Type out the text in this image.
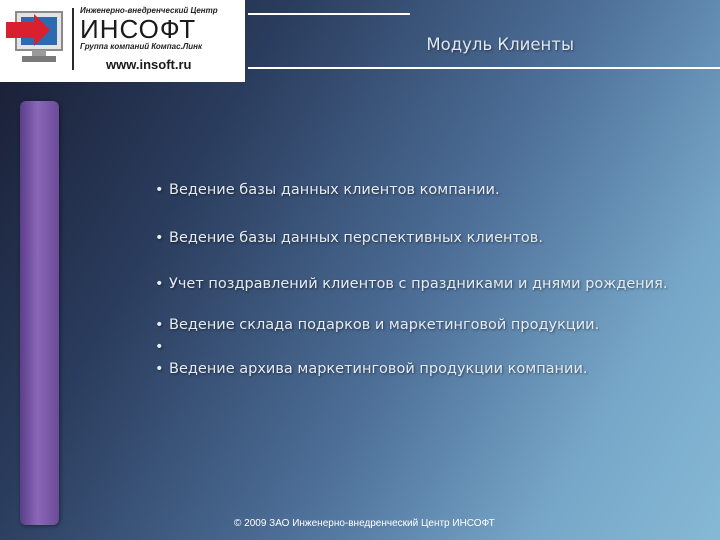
Инженерно-внедренческий Центр
ИНСОФТ
Группа компаний Компас.Линк
www.insoft.ru
Модуль Клиенты
• Ведение базы данных клиентов компании.
• Ведение базы данных перспективных клиентов.
• Учет поздравлений клиентов с праздниками и днями рождения.
• Ведение склада подарков и маркетинговой продукции.
•
• Ведение архива маркетинговой продукции компании.
© 2009 ЗАО Инженерно-внедренческий Центр ИНСОФТ
